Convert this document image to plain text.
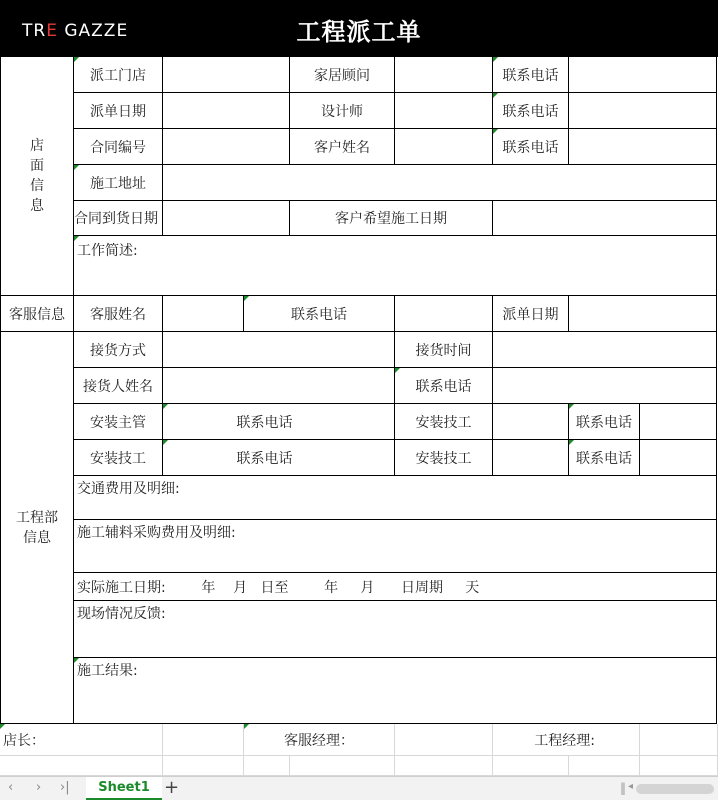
TRE GAZZE	工程派工单
店
面
信
息
派工门店	家居顾问	联系电话
派单日期	设计师	联系电话
合同编号	客户姓名	联系电话
施工地址
合同到货日期	客户希望施工日期
工作简述:
客服信息	客服姓名	联系电话	派单日期
工程部
信息
接货方式	接货时间
接货人姓名	联系电话
安装主管	联系电话	安装技工	联系电话
安装技工	联系电话	安装技工	联系电话
交通费用及明细:
施工辅料采购费用及明细:
实际施工日期:        年    月   日至        年     月      日周期     天
现场情况反馈:
施工结果:
店长：	客服经理：	工程经理:
‹ › ›|	Sheet1 +	‖ ◂
